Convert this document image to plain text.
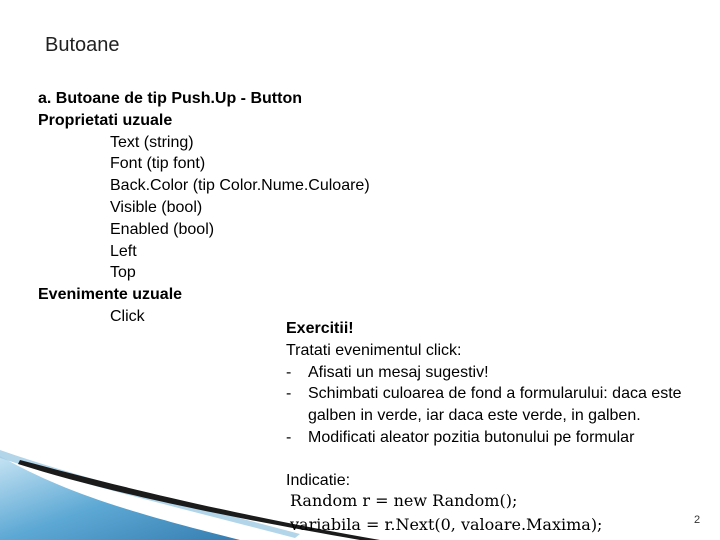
Butoane
a. Butoane de tip Push.Up - Button
Proprietati uzuale
Text (string)
Font (tip font)
Back.Color (tip Color.Nume.Culoare)
Visible (bool)
Enabled (bool)
Left
Top
Evenimente uzuale
Click
Exercitii!
Tratati evenimentul click:
-	Afisati un mesaj sugestiv!
-	Schimbati culoarea de fond a formularului: daca este
galben in verde, iar daca este verde, in galben.
-	Modificati aleator pozitia butonului pe formular
Indicatie:
Random r = new Random();
variabila = r.Next(0, valoare.Maxima);	2
